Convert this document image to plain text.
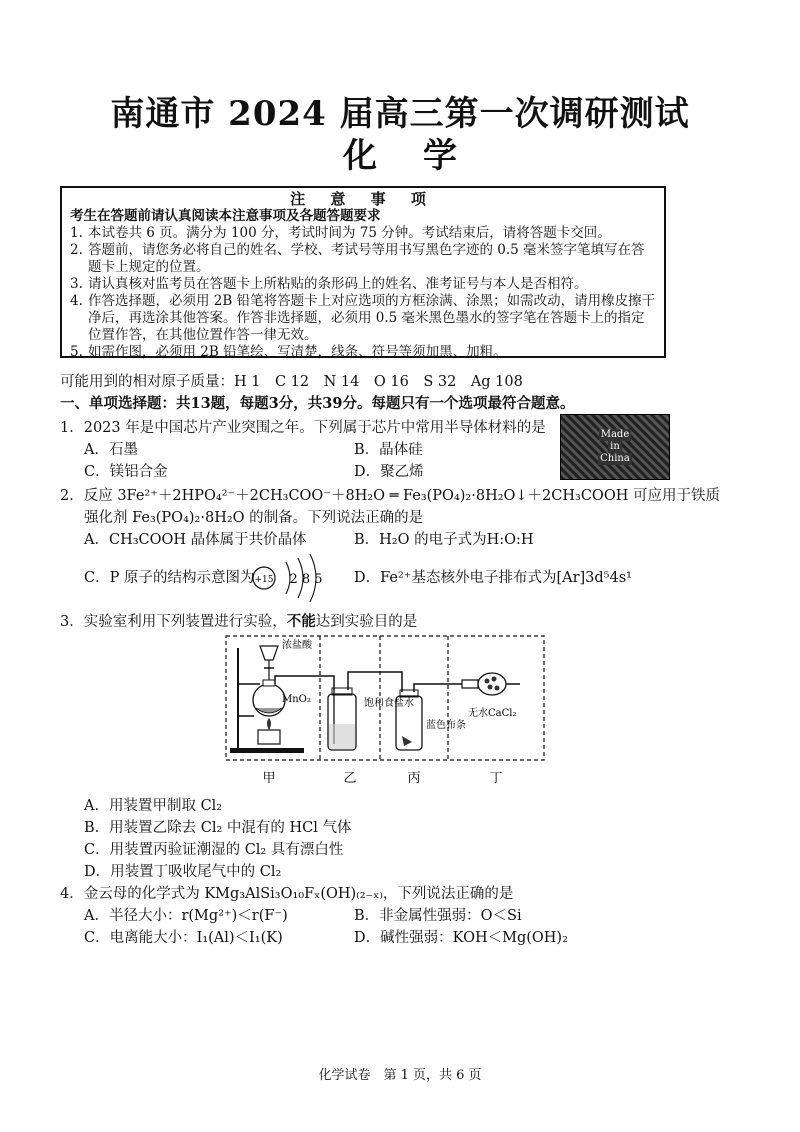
南通市 2024 届高三第一次调研测试
化学
注 意 事 项
考生在答题前请认真阅读本注意事项及各题答题要求
1. 本试卷共 6 页。满分为 100 分，考试时间为 75 分钟。考试结束后，请将答题卡交回。
2. 答题前，请您务必将自己的姓名、学校、考试号等用书写黑色字迹的 0.5 毫米签字笔填写在答题卡上规定的位置。
3. 请认真核对监考员在答题卡上所粘贴的条形码上的姓名、准考证号与本人是否相符。
4. 作答选择题，必须用 2B 铅笔将答题卡上对应选项的方框涂满、涂黑；如需改动，请用橡皮擦干净后，再选涂其他答案。作答非选择题，必须用 0.5 毫米黑色墨水的签字笔在答题卡上的指定位置作答，在其他位置作答一律无效。
5. 如需作图，必须用 2B 铅笔绘、写清楚，线条、符号等须加黑、加粗。
可能用到的相对原子质量：H 1　C 12　N 14　O 16　S 32　Ag 108
一、单项选择题：共13题，每题3分，共39分。每题只有一个选项最符合题意。
1．2023 年是中国芯片产业突围之年。下列属于芯片中常用半导体材料的是
A．石墨	B．晶体硅
C．镁铝合金	D．聚乙烯
Made
in
China
2．反应 3Fe²⁺＋2HPO₄²⁻＋2CH₃COO⁻＋8H₂O ═ Fe₃(PO₄)₂·8H₂O↓＋2CH₃COOH 可应用于铁质
强化剂 Fe₃(PO₄)₂·8H₂O 的制备。下列说法正确的是
A．CH₃COOH 晶体属于共价晶体	B．H₂O 的电子式为H:O:H
C．P 原子的结构示意图为 +15 2 8 5 D．Fe²⁺基态核外电子排布式为[Ar]3d⁵4s¹
3．实验室利用下列装置进行实验，不能达到实验目的是
浓盐酸
MnO₂	饱和食盐水
蓝色布条
无水CaCl₂
甲	乙	丙	丁
A．用装置甲制取 Cl₂
B．用装置乙除去 Cl₂ 中混有的 HCl 气体
C．用装置丙验证潮湿的 Cl₂ 具有漂白性
D．用装置丁吸收尾气中的 Cl₂
4．金云母的化学式为 KMg₃AlSi₃O₁₀Fₓ(OH)₍₂₋ₓ₎，下列说法正确的是
A．半径大小：r(Mg²⁺)＜r(F⁻)	B．非金属性强弱：O＜Si
C．电离能大小：I₁(Al)＜I₁(K)	D．碱性强弱：KOH＜Mg(OH)₂
化学试卷　第 1 页，共 6 页
